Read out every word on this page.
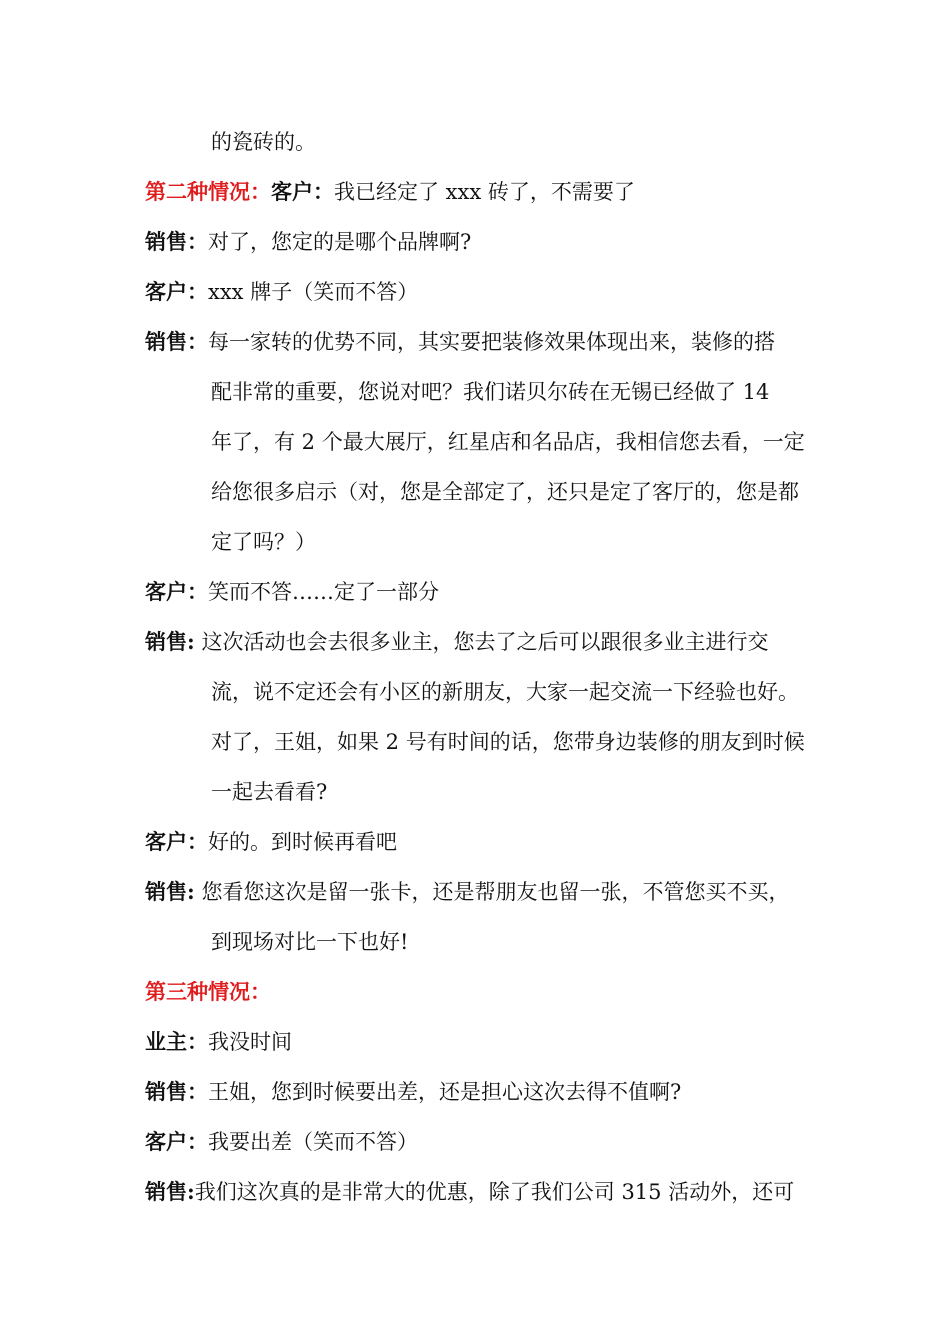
的瓷砖的。
第二种情况：客户：我已经定了 xxx 砖了，不需要了
销售：对了，您定的是哪个品牌啊?
客户：xxx 牌子（笑而不答）
销售：每一家转的优势不同，其实要把装修效果体现出来，装修的搭
配非常的重要，您说对吧？我们诺贝尔砖在无锡已经做了 14
年了，有 2 个最大展厅，红星店和名品店，我相信您去看，一定
给您很多启示（对，您是全部定了，还只是定了客厅的，您是都
定了吗？）
客户：笑而不答……定了一部分
销售: 这次活动也会去很多业主，您去了之后可以跟很多业主进行交
流，说不定还会有小区的新朋友，大家一起交流一下经验也好。
对了，王姐，如果 2 号有时间的话，您带身边装修的朋友到时候
一起去看看?
客户：好的。到时候再看吧
销售: 您看您这次是留一张卡，还是帮朋友也留一张，不管您买不买，
到现场对比一下也好!
第三种情况：
业主：我没时间
销售：王姐，您到时候要出差，还是担心这次去得不值啊?
客户：我要出差（笑而不答）
销售:我们这次真的是非常大的优惠，除了我们公司 315 活动外，还可
